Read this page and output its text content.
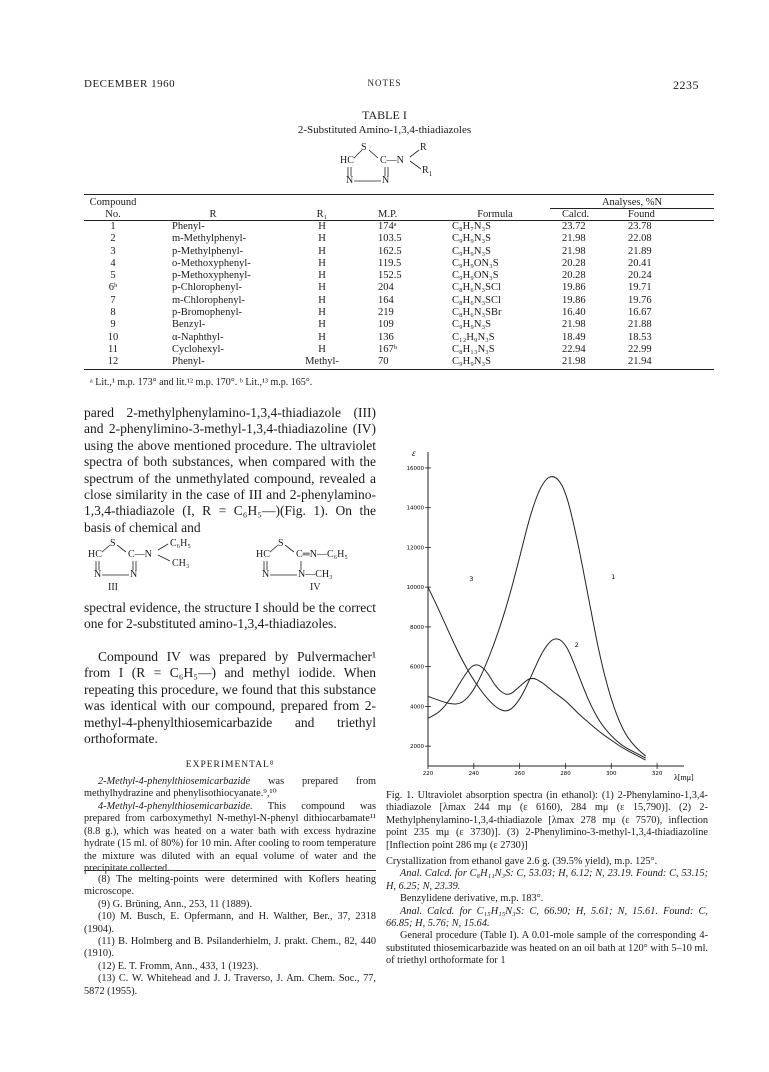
DECEMBER 1960	NOTES	2235
TABLE I
2-Substituted Amino-1,3,4-thiadiazoles
S	R
HC	C—N
$R_1$
N	N
Compound					Analyses, %N	
No.	R	R₁	M.P.	Formula	Calcd.	Found
1	Phenyl-	H	174ᵃ	C₈H₇N₃S	23.72	23.78
2	m-Methylphenyl-	H	103.5	C₉H₉N₃S	21.98	22.08
3	p-Methylphenyl-	H	162.5	C₉H₉N₃S	21.98	21.89
4	o-Methoxyphenyl-	H	119.5	C₉H₉ON₃S	20.28	20.41
5	p-Methoxyphenyl-	H	152.5	C₉H₉ON₃S	20.28	20.24
6ᵇ	p-Chlorophenyl-	H	204	C₈H₆N₃SCl	19.86	19.71
7	m-Chlorophenyl-	H	164	C₈H₆N₃SCl	19.86	19.76
8	p-Bromophenyl-	H	219	C₈H₆N₃SBr	16.40	16.67
9	Benzyl-	H	109	C₉H₉N₃S	21.98	21.88
10	α-Naphthyl-	H	136	C₁₂H₉N₃S	18.49	18.53
11	Cyclohexyl-	H	167ᵇ	C₈H₁₃N₃S	22.94	22.99
12	Phenyl-	Methyl-	70	C₉H₉N₃S	21.98	21.94
ᵃ Lit.,¹ m.p. 173° and lit.¹² m.p. 170°. ᵇ Lit.,¹³ m.p. 165°.
pared 2-methylphenylamino-1,3,4-thiadiazole (III) and 2-phenylimino-3-methyl-1,3,4-thiadiazoline (IV) using the above mentioned procedure. The ultraviolet spectra of both substances, when compared with the spectrum of the unmethylated compound, revealed a close similarity in the case of III and 2-phenylamino-1,3,4-thiadiazole (I, R = C₆H₅—)(Fig. 1). On the basis of chemical and
S	C₆H₅
HC	C—N
CH₃
N	N
III
S
HC	C═N—C₆H₅
N	N—CH₃
IV
spectral evidence, the structure I should be the correct one for 2-substituted amino-1,3,4-thiadiazoles.
Compound IV was prepared by Pulvermacher¹ from I (R = C₆H₅—) and methyl iodide. When repeating this procedure, we found that this substance was identical with our compound, prepared from 2-methyl-4-phenylthiosemicarbazide and triethyl orthoformate.
EXPERIMENTAL⁸
2-Methyl-4-phenylthiosemicarbazide was prepared from methylhydrazine and phenylisothiocyanate.⁹,¹⁰
4-Methyl-4-phenylthiosemicarbazide. This compound was prepared from carboxymethyl N-methyl-N-phenyl dithiocarbamate¹¹ (8.8 g.), which was heated on a water bath with excess hydrazine hydrate (15 ml. of 80%) for 10 min. After cooling to room temperature the mixture was diluted with an equal volume of water and the precipitate collected.
(8) The melting-points were determined with Koflers heating microscope.
(9) G. Brüning, Ann., 253, 11 (1889).
(10) M. Busch, E. Opfermann, and H. Walther, Ber., 37, 2318 (1904).
(11) B. Holmberg and B. Psilanderhielm, J. prakt. Chem., 82, 440 (1910).
(12) E. T. Fromm, Ann., 433, 1 (1923).
(13) C. W. Whitehead and J. J. Traverso, J. Am. Chem. Soc., 77, 5872 (1955).
2000
4000
6000
8000
10000
12000
14000
16000
220	240	260	280	300	320
ε
λ[mμ]
1
2
3
Fig. 1. Ultraviolet absorption spectra (in ethanol): (1) 2-Phenylamino-1,3,4-thiadiazole [λmax 244 mμ (ε 6160), 284 mμ (ε 15,790)]. (2) 2-Methylphenylamino-1,3,4-thiadiazole [λmax 278 mμ (ε 7570), inflection point 235 mμ (ε 3730)]. (3) 2-Phenylimino-3-methyl-1,3,4-thiadiazoline [Inflection point 286 mμ (ε 2730)]
Crystallization from ethanol gave 2.6 g. (39.5% yield), m.p. 125°.
Anal. Calcd. for C₈H₁₁N₃S: C, 53.03; H, 6.12; N, 23.19. Found: C, 53.15; H, 6.25; N, 23.39.
Benzylidene derivative, m.p. 183°.
Anal. Calcd. for C₁₅H₁₅N₃S: C, 66.90; H, 5.61; N, 15.61. Found: C, 66.85; H, 5.76; N, 15.64.
General procedure (Table I). A 0.01-mole sample of the corresponding 4-substituted thiosemicarbazide was heated on an oil bath at 120° with 5–10 ml. of triethyl orthoformate for 1
